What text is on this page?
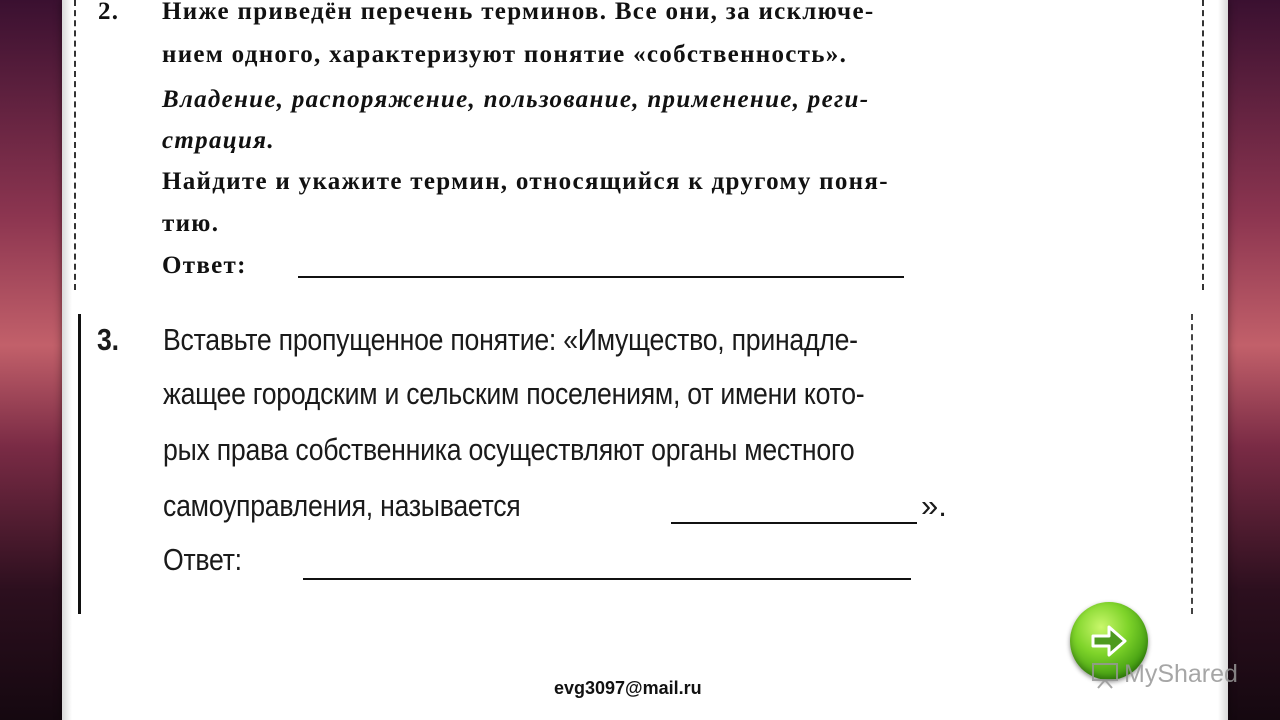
2. Ниже приведён перечень терминов. Все они, за исключе-
нием одного, характеризуют понятие «собственность».
Владение, распоряжение, пользование, применение, реги-
страция.
Найдите и укажите термин, относящийся к другому поня-
тию.
Ответ:
3. Вставьте пропущенное понятие: «Имущество, принадле-
жащее городским и сельским поселениям, от имени кото-
рых права собственника осуществляют органы местного
самоуправления, называется	».
Ответ:
evg3097@mail.ru	MyShared
